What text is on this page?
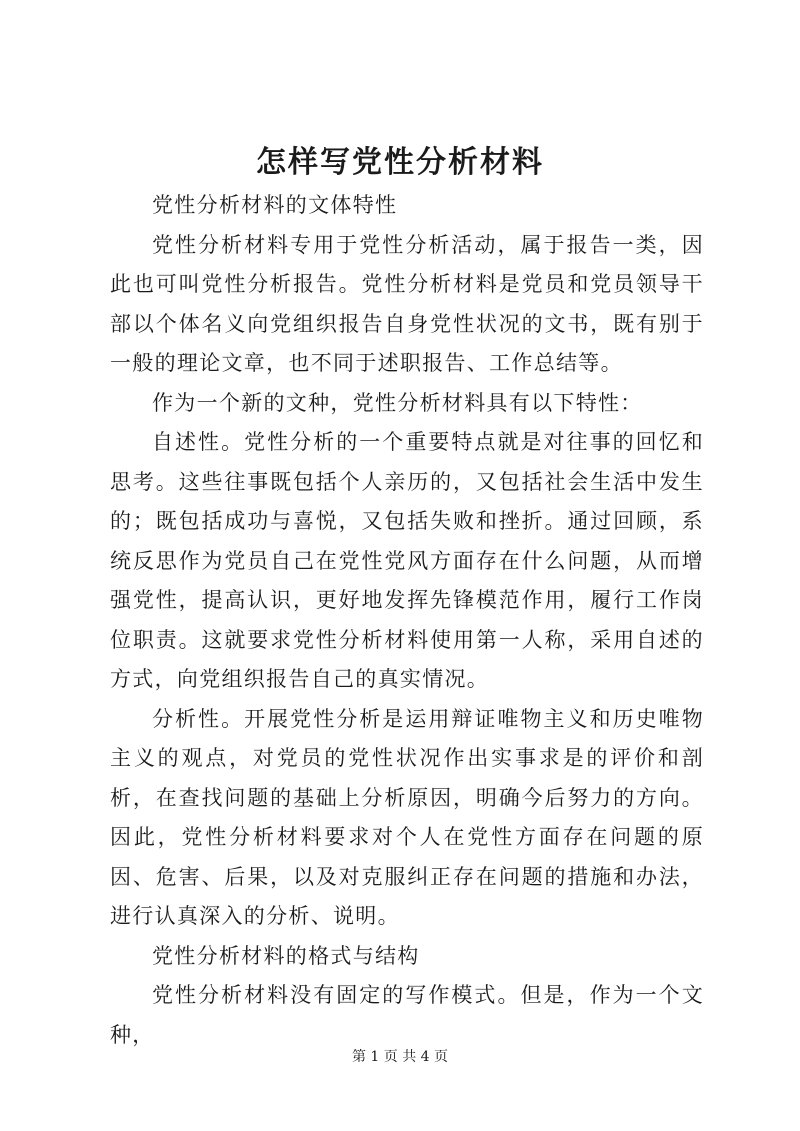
怎样写党性分析材料

党性分析材料的文体特性

党性分析材料专用于党性分析活动，属于报告一类，因此也可叫党性分析报告。党性分析材料是党员和党员领导干部以个体名义向党组织报告自身党性状况的文书，既有别于一般的理论文章，也不同于述职报告、工作总结等。

作为一个新的文种，党性分析材料具有以下特性：

自述性。党性分析的一个重要特点就是对往事的回忆和思考。这些往事既包括个人亲历的，又包括社会生活中发生的；既包括成功与喜悦，又包括失败和挫折。通过回顾，系统反思作为党员自己在党性党风方面存在什么问题，从而增强党性，提高认识，更好地发挥先锋模范作用，履行工作岗位职责。这就要求党性分析材料使用第一人称，采用自述的方式，向党组织报告自己的真实情况。

分析性。开展党性分析是运用辩证唯物主义和历史唯物主义的观点，对党员的党性状况作出实事求是的评价和剖析，在查找问题的基础上分析原因，明确今后努力的方向。因此，党性分析材料要求对个人在党性方面存在问题的原因、危害、后果，以及对克服纠正存在问题的措施和办法，进行认真深入的分析、说明。

党性分析材料的格式与结构

党性分析材料没有固定的写作模式。但是，作为一个文种，

第 1 页 共 4 页
